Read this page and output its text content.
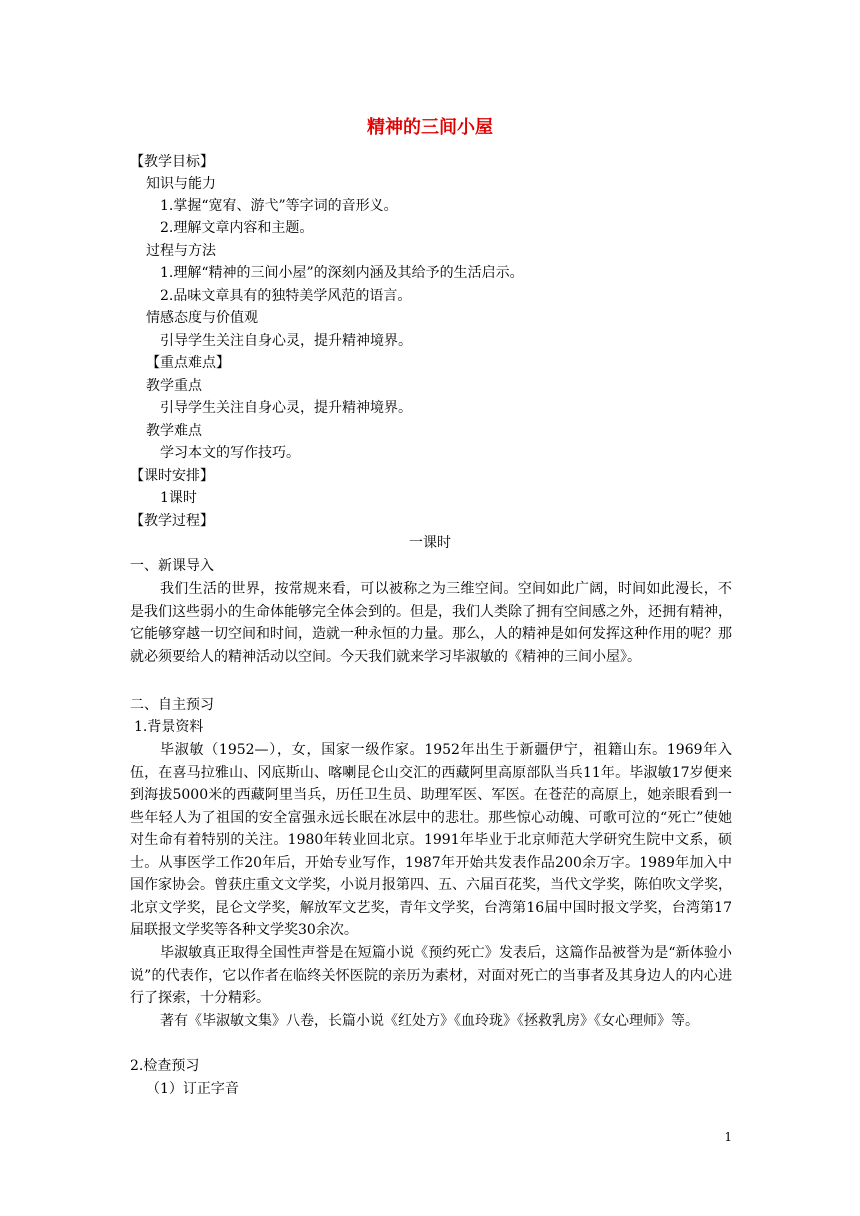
精神的三间小屋
【教学目标】
知识与能力
1.掌握“宽宥、游弋”等字词的音形义。
2.理解文章内容和主题。
过程与方法
1.理解“精神的三间小屋”的深刻内涵及其给予的生活启示。
2.品味文章具有的独特美学风范的语言。
情感态度与价值观
引导学生关注自身心灵，提升精神境界。
【重点难点】
教学重点
引导学生关注自身心灵，提升精神境界。
教学难点
学习本文的写作技巧。
【课时安排】
1课时
【教学过程】
一课时
一、新课导入
我们生活的世界，按常规来看，可以被称之为三维空间。空间如此广阔，时间如此漫长，不是我们这些弱小的生命体能够完全体会到的。但是，我们人类除了拥有空间感之外，还拥有精神，它能够穿越一切空间和时间，造就一种永恒的力量。那么，人的精神是如何发挥这种作用的呢？那就必须要给人的精神活动以空间。今天我们就来学习毕淑敏的《精神的三间小屋》。
二、自主预习
1.背景资料
毕淑敏（1952—），女，国家一级作家。1952年出生于新疆伊宁，祖籍山东。1969年入伍，在喜马拉雅山、冈底斯山、喀喇昆仑山交汇的西藏阿里高原部队当兵11年。毕淑敏17岁便来到海拔5000米的西藏阿里当兵，历任卫生员、助理军医、军医。在苍茫的高原上，她亲眼看到一些年轻人为了祖国的安全富强永远长眠在冰层中的悲壮。那些惊心动魄、可歌可泣的“死亡”使她对生命有着特别的关注。1980年转业回北京。1991年毕业于北京师范大学研究生院中文系，硕士。从事医学工作20年后，开始专业写作，1987年开始共发表作品200余万字。1989年加入中国作家协会。曾获庄重文文学奖，小说月报第四、五、六届百花奖，当代文学奖，陈伯吹文学奖，北京文学奖，昆仑文学奖，解放军文艺奖，青年文学奖，台湾第16届中国时报文学奖，台湾第17届联报文学奖等各种文学奖30余次。
毕淑敏真正取得全国性声誉是在短篇小说《预约死亡》发表后，这篇作品被誉为是“新体验小说”的代表作，它以作者在临终关怀医院的亲历为素材，对面对死亡的当事者及其身边人的内心进行了探索，十分精彩。
著有《毕淑敏文集》八卷，长篇小说《红处方》《血玲珑》《拯救乳房》《女心理师》等。
2.检查预习
（1）订正字音
1
